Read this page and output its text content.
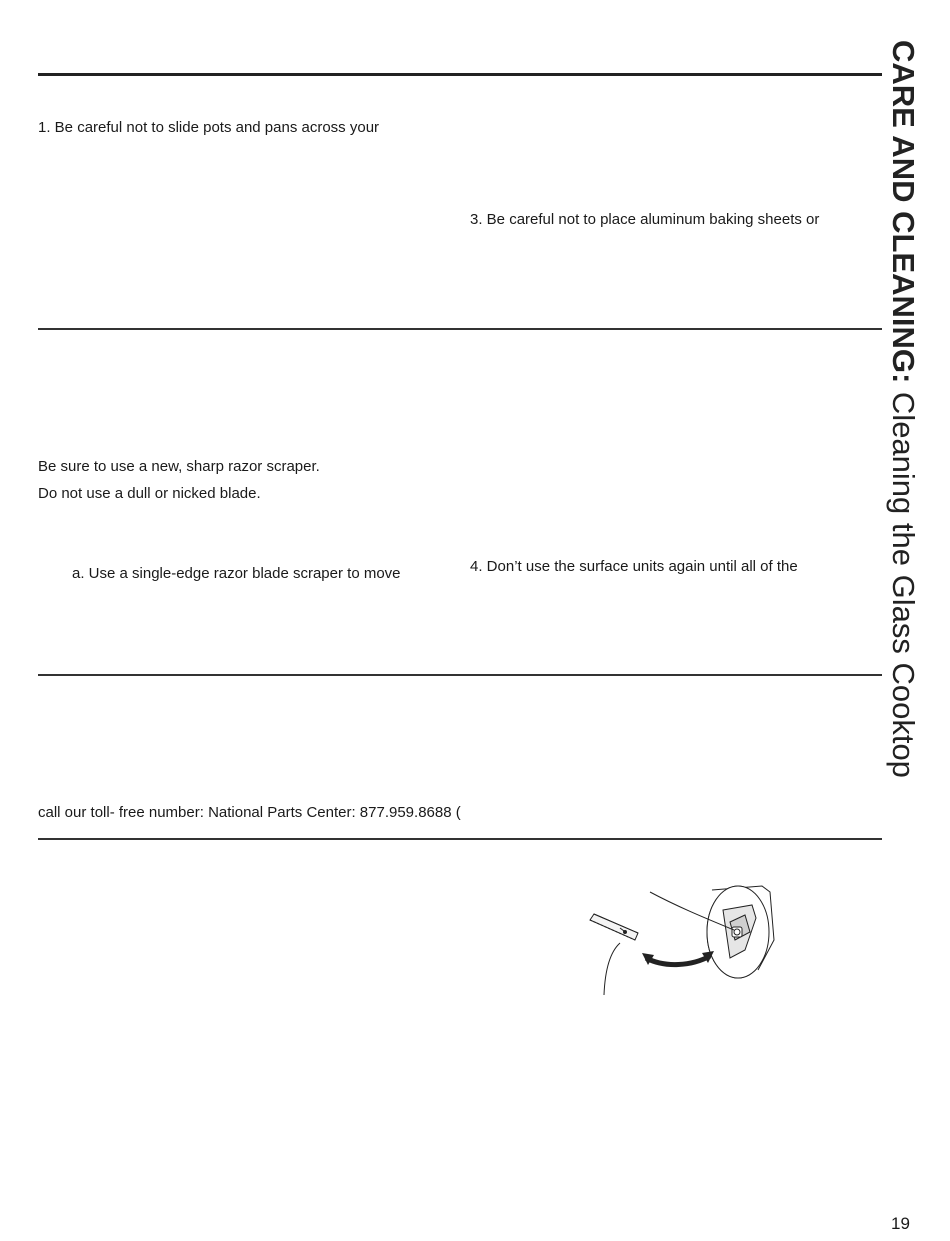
1. Be careful not to slide pots and pans across your
3. Be careful not to place aluminum baking sheets or
Be sure to use a new, sharp razor scraper.
Do not use a dull or nicked blade.
a. Use a single-edge razor blade scraper to move	4. Don’t use the surface units again until all of the
call our toll- free number: National Parts Center: 877.959.8688 (
CARE AND CLEANING: Cleaning the Glass Cooktop
19
